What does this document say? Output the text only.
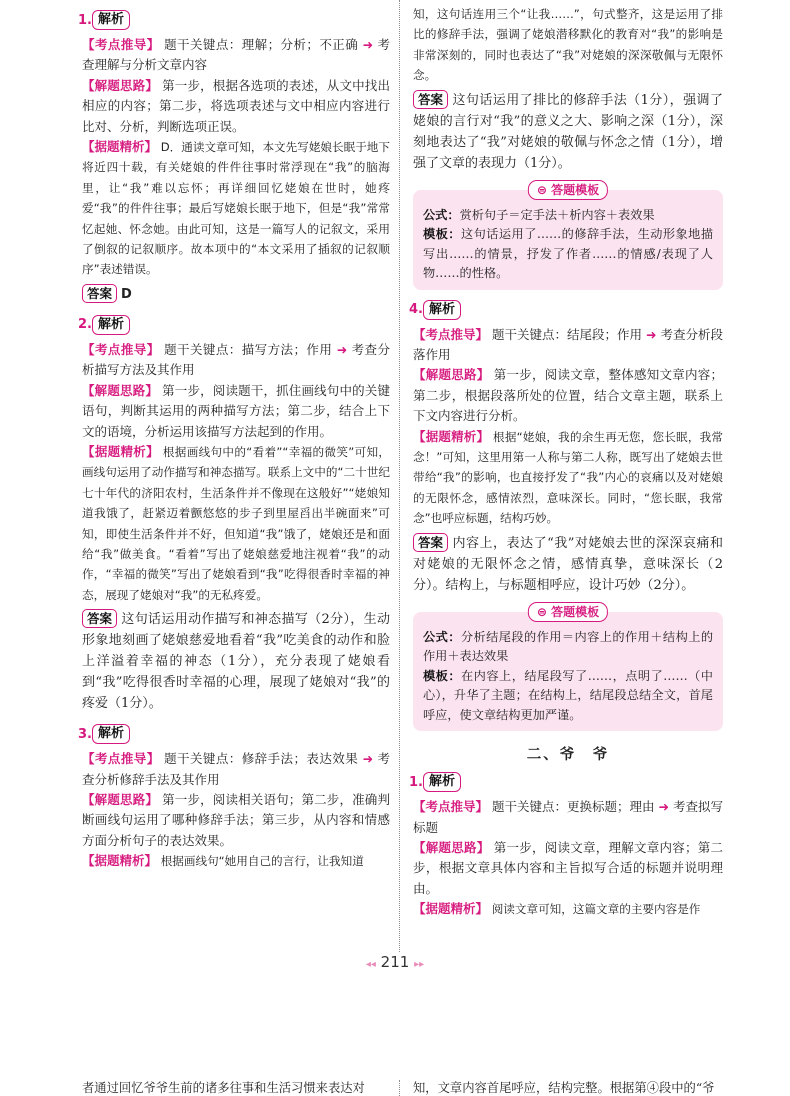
1. 解析

【考点推导】 题干关键点：理解；分析；不正确 ➜ 考查理解与分析文章内容

【解题思路】 第一步，根据各选项的表述，从文中找出相应的内容；第二步，将选项表述与文中相应内容进行比对、分析，判断选项正误。

【据题精析】 D．通读文章可知，本文先写姥娘长眠于地下将近四十载，有关姥娘的件件往事时常浮现在“我”的脑海里，让“我”难以忘怀；再详细回忆姥娘在世时，她疼爱“我”的件件往事；最后写姥娘长眠于地下，但是“我”常常忆起她、怀念她。由此可知，这是一篇写人的记叙文，采用了倒叙的记叙顺序。故本项中的“本文采用了插叙的记叙顺序”表述错误。

答案 D

2. 解析

【考点推导】 题干关键点：描写方法；作用 ➜ 考查分析描写方法及其作用

【解题思路】 第一步，阅读题干，抓住画线句中的关键语句，判断其运用的两种描写方法；第二步，结合上下文的语境，分析运用该描写方法起到的作用。

【据题精析】 根据画线句中的“看着”“幸福的微笑”可知，画线句运用了动作描写和神态描写。联系上文中的“二十世纪七十年代的济阳农村，生活条件并不像现在这般好”“姥娘知道我饿了，赶紧迈着颤悠悠的步子到里屋舀出半碗面来”可知，即使生活条件并不好，但知道“我”饿了，姥娘还是和面给“我”做美食。“看着”写出了姥娘慈爱地注视着“我”的动作，“幸福的微笑”写出了姥娘看到“我”吃得很香时幸福的神态，展现了姥娘对“我”的无私疼爱。

答案 这句话运用动作描写和神态描写（2分），生动形象地刻画了姥娘慈爱地看着“我”吃美食的动作和脸上洋溢着幸福的神态（1分），充分表现了姥娘看到“我”吃得很香时幸福的心理，展现了姥娘对“我”的疼爱（1分）。

3. 解析

【考点推导】 题干关键点：修辞手法；表达效果 ➜ 考查分析修辞手法及其作用

【解题思路】 第一步，阅读相关语句；第二步，准确判断画线句运用了哪种修辞手法；第三步，从内容和情感方面分析句子的表达效果。

【据题精析】 根据画线句“她用自己的言行，让我知道

知，这句话连用三个“让我……”，句式整齐，这是运用了排比的修辞手法，强调了姥娘潜移默化的教育对“我”的影响是非常深刻的，同时也表达了“我”对姥娘的深深敬佩与无限怀念。

答案 这句话运用了排比的修辞手法（1分），强调了姥娘的言行对“我”的意义之大、影响之深（1分），深刻地表达了“我”对姥娘的敬佩与怀念之情（1分），增强了文章的表现力（1分）。

⊜ 答题模板

公式：赏析句子＝定手法＋析内容＋表效果

模板：这句话运用了……的修辞手法，生动形象地描写出……的情景，抒发了作者……的情感/表现了人物……的性格。

4. 解析

【考点推导】 题干关键点：结尾段；作用 ➜ 考查分析段落作用

【解题思路】 第一步，阅读文章，整体感知文章内容；第二步，根据段落所处的位置，结合文章主题，联系上下文内容进行分析。

【据题精析】 根据“姥娘，我的余生再无您，您长眠，我常念！”可知，这里用第一人称与第二人称，既写出了姥娘去世带给“我”的影响，也直接抒发了“我”内心的哀痛以及对姥娘的无限怀念，感情浓烈，意味深长。同时，“您长眠，我常念”也呼应标题，结构巧妙。

答案 内容上，表达了“我”对姥娘去世的深深哀痛和对姥娘的无限怀念之情，感情真挚，意味深长（2分）。结构上，与标题相呼应，设计巧妙（2分）。

⊜ 答题模板

公式：分析结尾段的作用＝内容上的作用＋结构上的作用＋表达效果

模板：在内容上，结尾段写了……，点明了……（中心），升华了主题；在结构上，结尾段总结全文，首尾呼应，使文章结构更加严谨。

二、爷　爷
1. 解析

【考点推导】 题干关键点：更换标题；理由 ➜ 考查拟写标题

【解题思路】 第一步，阅读文章，理解文章内容；第二步，根据文章具体内容和主旨拟写合适的标题并说明理由。

【据题精析】 阅读文章可知，这篇文章的主要内容是作

◂◂ 211 ▸▸
者通过回忆爷爷生前的诸多往事和生活习惯来表达对	知，文章内容首尾呼应，结构完整。根据第④段中的“爷
